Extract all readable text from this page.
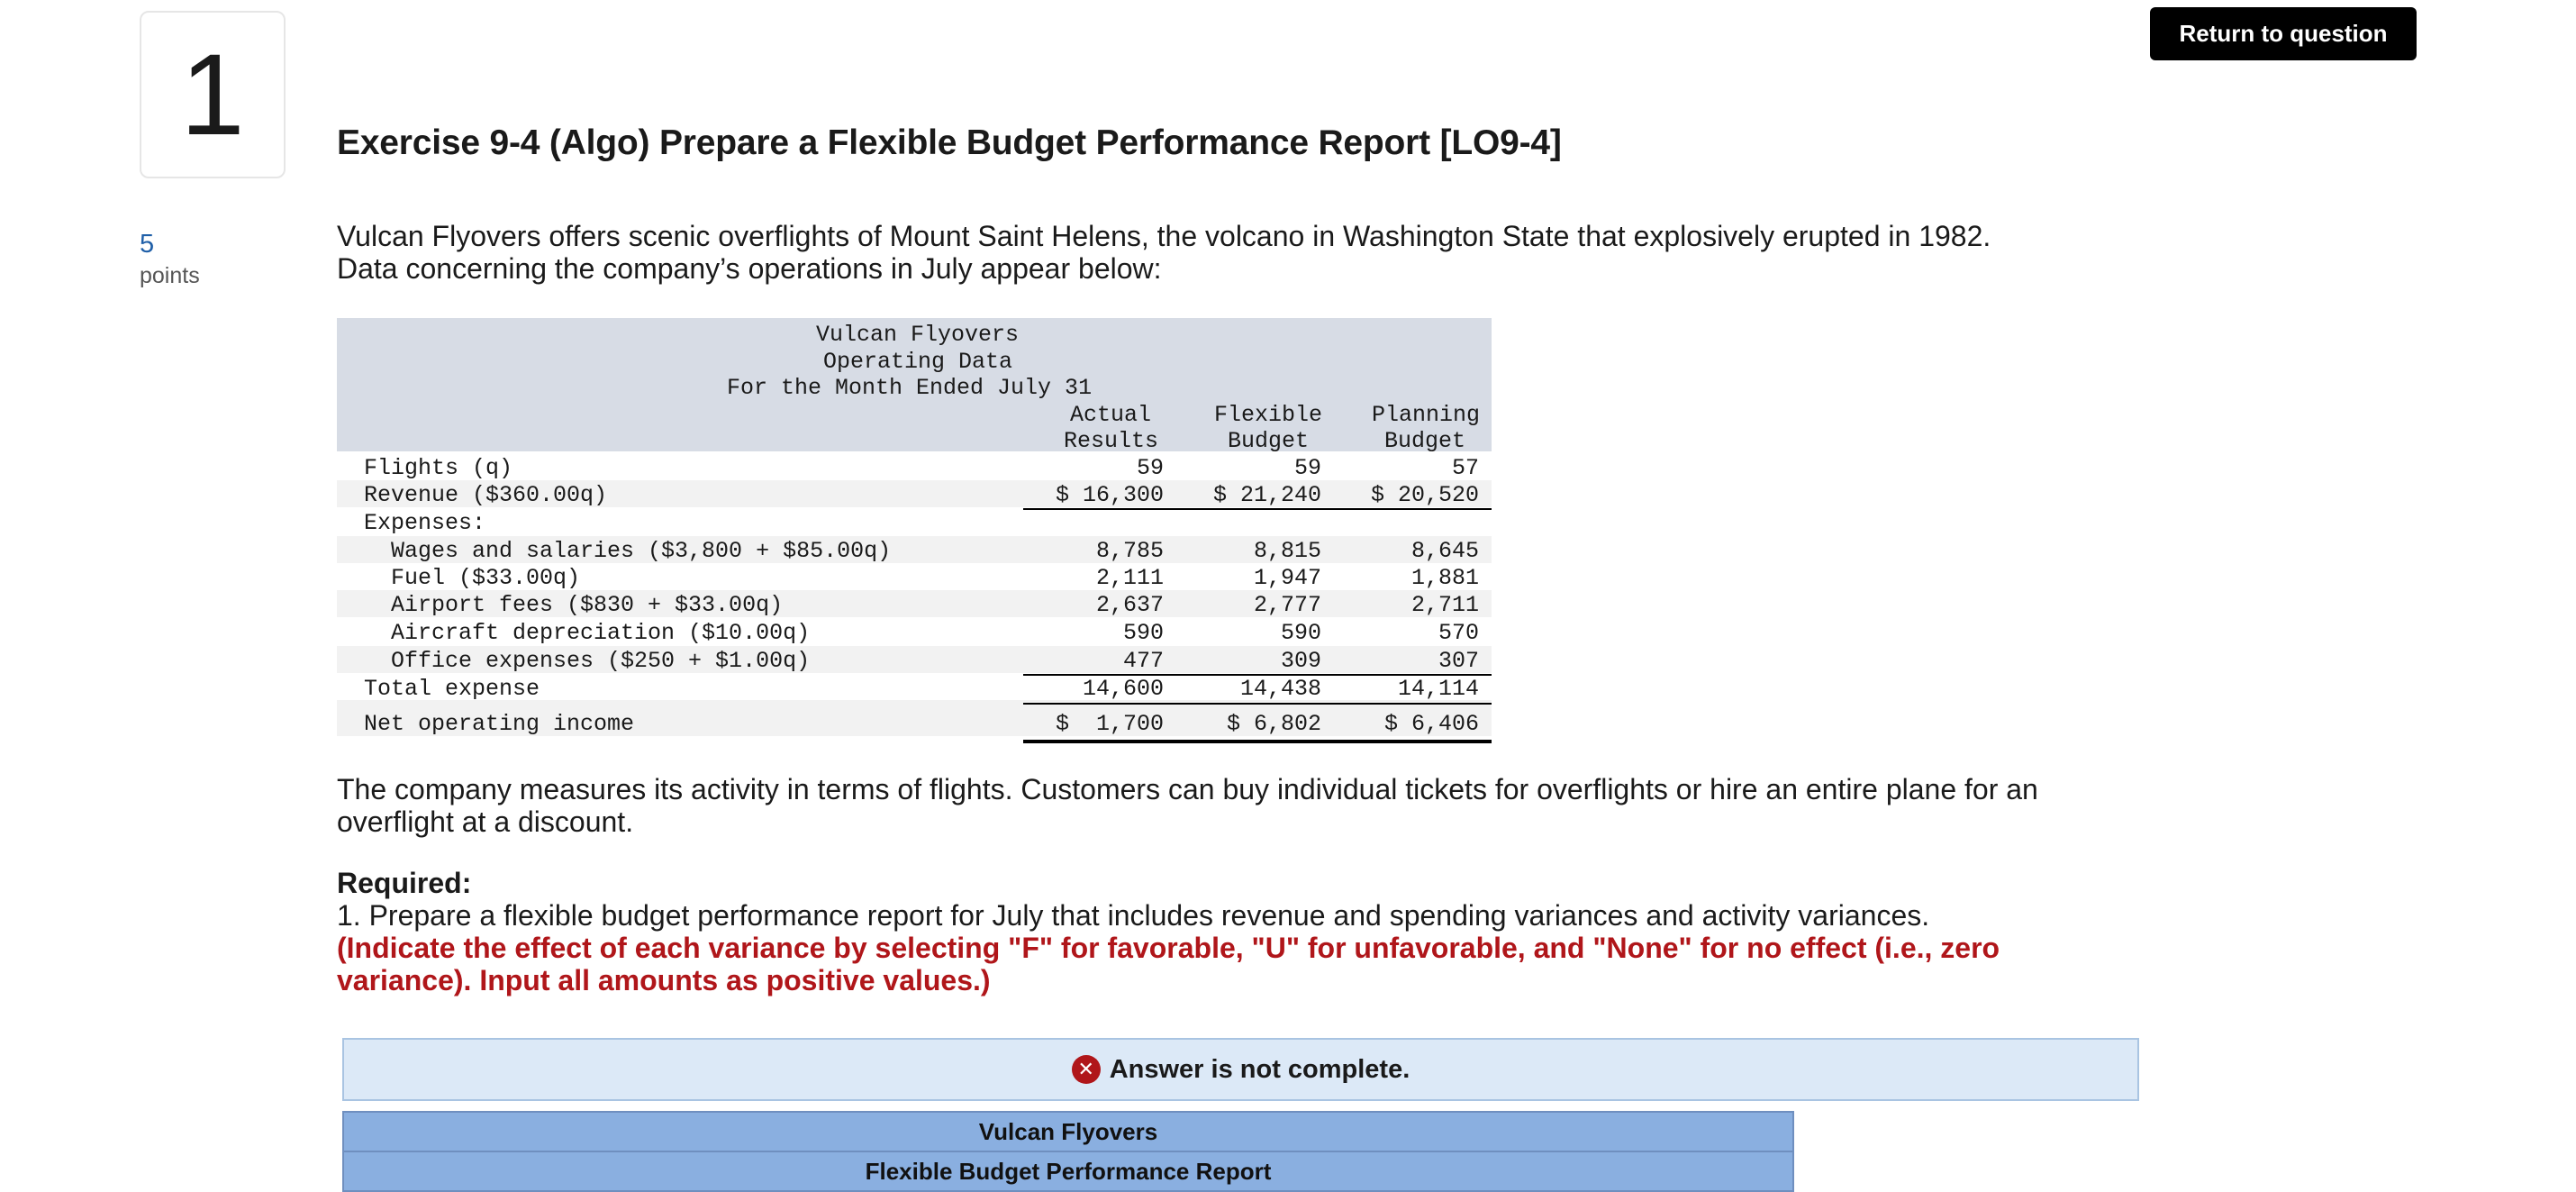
1
5
points
Return to question
Exercise 9-4 (Algo) Prepare a Flexible Budget Performance Report [LO9-4]
Vulcan Flyovers offers scenic overflights of Mount Saint Helens, the volcano in Washington State that explosively erupted in 1982. Data concerning the company’s operations in July appear below:
Vulcan Flyovers
Operating Data
For the Month Ended July 31
Actual
Results
Flexible
Budget
Planning
Budget
Flights (q)	59	59	57
Revenue ($360.00q)	$ 16,300	$ 21,240	$ 20,520
Expenses:
Wages and salaries ($3,800 + $85.00q)	8,785	8,815	8,645
Fuel ($33.00q)	2,111	1,947	1,881
Airport fees ($830 + $33.00q)	2,637	2,777	2,711
Aircraft depreciation ($10.00q)	590	590	570
Office expenses ($250 + $1.00q)	477	309	307
Total expense	14,600	14,438	14,114
Net operating income	$  1,700	$ 6,802	$ 6,406
The company measures its activity in terms of flights. Customers can buy individual tickets for overflights or hire an entire plane for an overflight at a discount.
Required:
1. Prepare a flexible budget performance report for July that includes revenue and spending variances and activity variances. (Indicate the effect of each variance by selecting "F" for favorable, "U" for unfavorable, and "None" for no effect (i.e., zero variance). Input all amounts as positive values.)
✕ Answer is not complete.
Vulcan Flyovers
Flexible Budget Performance Report
